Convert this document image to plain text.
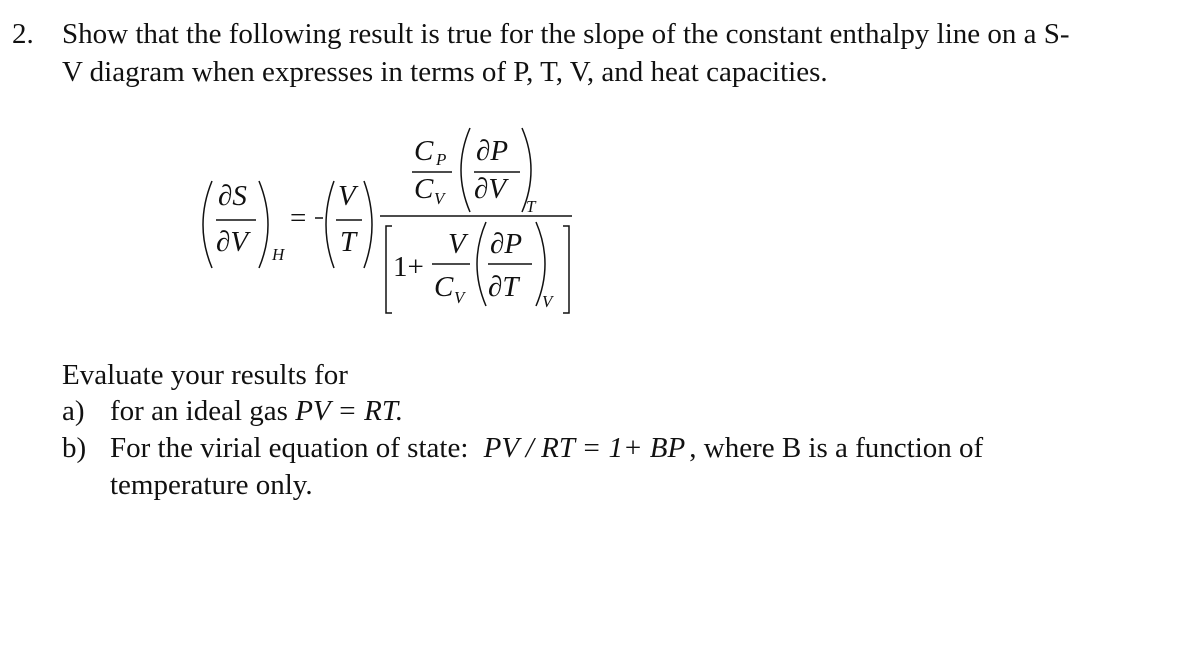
2. Show that the following result is true for the slope of the constant enthalpy line on a S-
V diagram when expresses in terms of P, T, V, and heat capacities.
∂S
∂V H
=
V
T
C P
C V
∂P
∂V
T
1+
V
C V
∂P
∂T V
Evaluate your results for
a) for an ideal gas PV = RT.
b) For the virial equation of state: PV / RT = 1+ BP , where B is a function of
temperature only.
